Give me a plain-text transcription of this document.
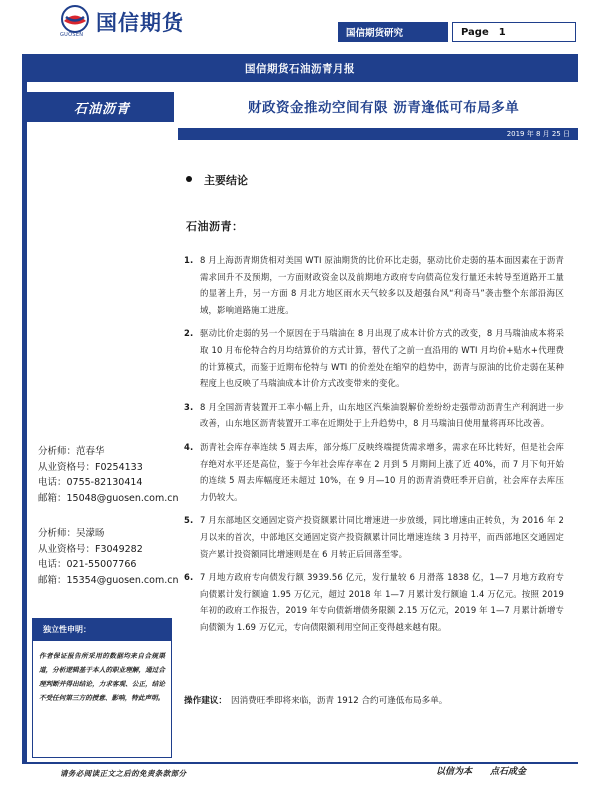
国信期货
GUOSEN	国信期货研究	Page 1
国信期货石油沥青月报
石油沥青	财政资金推动空间有限 沥青逢低可布局多单
2019 年 8 月 25 日
主要结论
石油沥青：
1. 8 月上海沥青期货相对美国 WTI 原油期货的比价环比走弱，驱动比价走弱的基本面因素在于沥青需求回升不及预期，一方面财政资金以及前期地方政府专向债高位发行量还未转导至道路开工量的显著上升，另一方面 8 月北方地区雨水天气较多以及超强台风“利奇马”袭击整个东部沿海区域，影响道路施工进度。
2. 驱动比价走弱的另一个原因在于马瑞油在 8 月出现了成本计价方式的改变，8 月马瑞油成本将采取 10 月布伦特合约月均结算价的方式计算，替代了之前一直沿用的 WTI 月均价+贴水+代理费的计算模式，而鉴于近期布伦特与 WTI 的价差处在缩窄的趋势中，沥青与原油的比价走弱在某种程度上也反映了马瑞油成本计价方式改变带来的变化。
3. 8 月全国沥青装置开工率小幅上升，山东地区汽柴油裂解价差纷纷走强带动沥青生产利润进一步改善，山东地区沥青装置开工率在近期处于上升趋势中，8 月马瑞油日使用量将再环比改善。
4. 沥青社会库存率连续 5 周去库，部分炼厂反映终端提货需求增多，需求在环比转好，但是社会库存绝对水平还是高位，鉴于今年社会库存率在 2 月到 5 月期间上涨了近 40%，而 7 月下旬开始的连续 5 周去库幅度还未超过 10%，在 9 月—10 月的沥青消费旺季开启前，社会库存去库压力仍较大。
5. 7 月东部地区交通固定资产投资额累计同比增速进一步放缓，同比增速由正转负，为 2016 年 2 月以来的首次，中部地区交通固定资产投资额累计同比增速连续 3 月持平，而西部地区交通固定资产累计投资额同比增速则是在 6 月转正后回落至零。
6. 7 月地方政府专向债发行额 3939.56 亿元，发行量较 6 月滑落 1838 亿，1—7 月地方政府专向债累计发行额逾 1.95 万亿元，超过 2018 年 1—7 月累计发行额逾 1.4 万亿元。按照 2019 年初的政府工作报告，2019 年专向债新增债务限额 2.15 万亿元，2019 年 1—7 月累计新增专向债额为 1.69 万亿元，专向债限额利用空间正变得越来越有限。
分析师：范春华
从业资格号：F0254133
电话：0755-82130414
邮箱：15048@guosen.com.cn
分析师：吴濛旸
从业资格号：F3049282
电话：021-55007766
邮箱：15354@guosen.com.cn
独立性申明：
作者保证报告所采用的数据均来自合规渠道，分析逻辑基于本人的职业理解，通过合理判断并得出结论，力求客观、公正，结论不受任何第三方的授意、影响，特此声明。	操作建议： 因消费旺季即将来临，沥青 1912 合约可逢低布局多单。
请务必阅读正文之后的免责条款部分	以信为本 点石成金
